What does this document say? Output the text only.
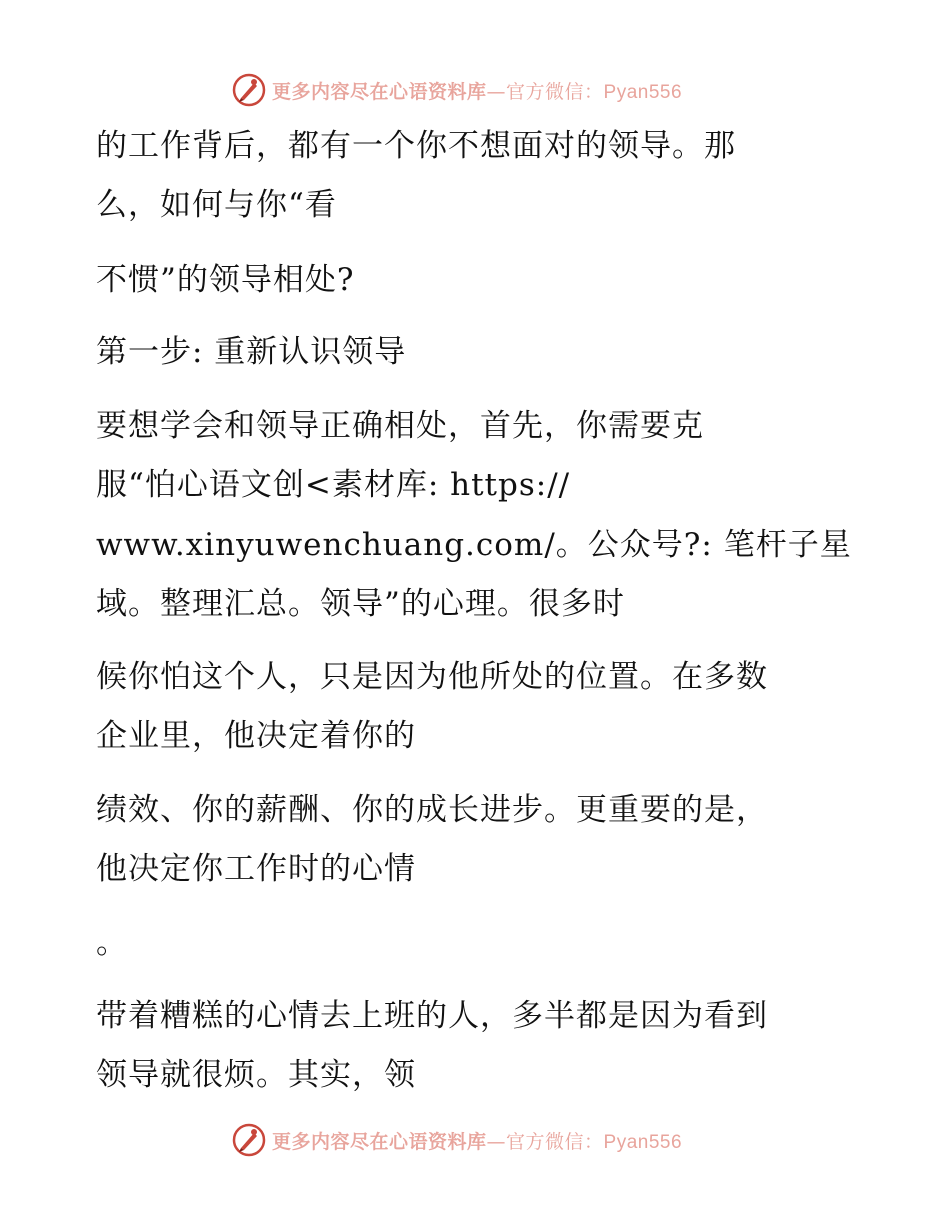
更多内容尽在心语资料库—官方微信：Pyan556
的工作背后，都有一个你不想面对的领导。那
么，如何与你“看
不惯”的领导相处?
第一步: 重新认识领导
要想学会和领导正确相处，首先，你需要克
服“怕心语文创<素材库: https://
www.xinyuwenchuang.com/。公众号?: 笔杆子星
域。整理汇总。领导”的心理。很多时
候你怕这个人，只是因为他所处的位置。在多数
企业里，他决定着你的
绩效、你的薪酬、你的成长进步。更重要的是，
他决定你工作时的心情
。
带着糟糕的心情去上班的人，多半都是因为看到
领导就很烦。其实，领
更多内容尽在心语资料库—官方微信：Pyan556
